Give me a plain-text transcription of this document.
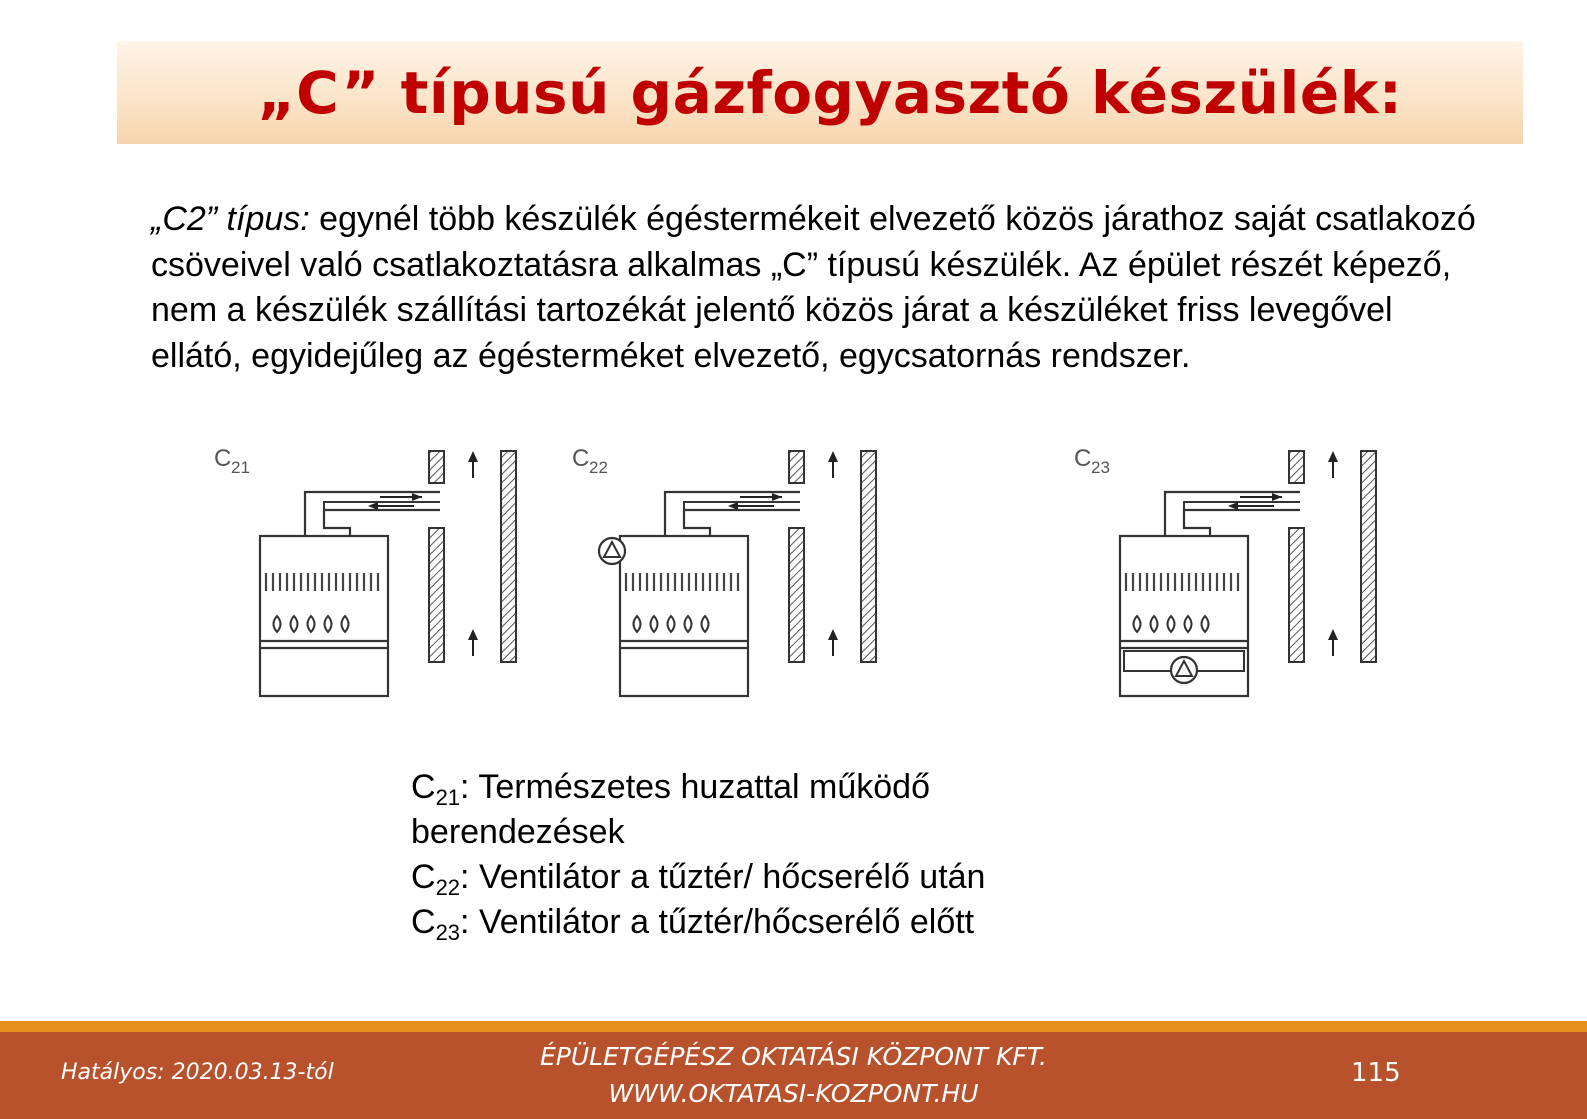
„C” típusú gázfogyasztó készülék:

„C2” típus: egynél több készülék égéstermékeit elvezető közös járathoz saját csatlakozó csöveivel való csatlakoztatásra alkalmas „C” típusú készülék. Az épület részét képező, nem a készülék szállítási tartozékát jelentő közös járat a készüléket friss levegővel ellátó, egyidejűleg az égésterméket elvezető, egycsatornás rendszer.

C 21	C 22	C 23
$C_{21}$: Természetes huzattal működő berendezések
$C_{22}$: Ventilátor a tűztér/ hőcserélő után
$C_{23}$: Ventilátor a tűztér/hőcserélő előtt
Hatályos: 2020.03.13-tól
ÉPÜLETGÉPÉSZ OKTATÁSI KÖZPONT KFT.
WWW.OKTATASI-KOZPONT.HU
115
